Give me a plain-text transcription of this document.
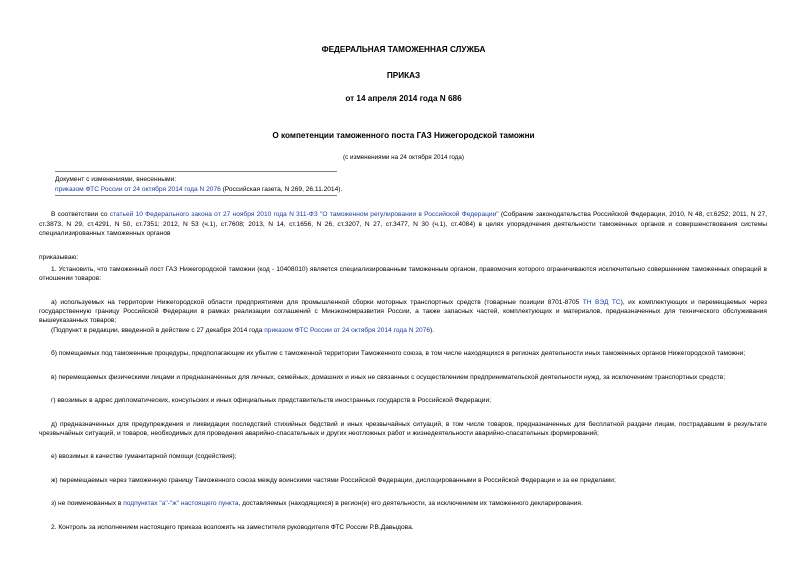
ФЕДЕРАЛЬНАЯ ТАМОЖЕННАЯ СЛУЖБА
ПРИКАЗ
от 14 апреля 2014 года N 686
О компетенции таможенного поста ГАЗ Нижегородской таможни
(с изменениями на 24 октября 2014 года)
Документ с изменениями, внесенными:
приказом ФТС России от 24 октября 2014 года N 2076 (Российская газета, N 269, 26.11.2014).
В соответствии со статьей 10 Федерального закона от 27 ноября 2010 года N 311-ФЗ "О таможенном регулировании в Российской Федерации" (Собрание законодательства Российской Федерации, 2010, N 48, ст.6252; 2011, N 27, ст.3873, N 29, ст.4291, N 50, ст.7351; 2012, N 53 (ч.1), ст.7608; 2013, N 14, ст.1656, N 26, ст.3207, N 27, ст.3477, N 30 (ч.1), ст.4084) в целях упорядочения деятельности таможенных органов и совершенствования системы специализированных таможенных органов
приказываю:
1. Установить, что таможенный пост ГАЗ Нижегородской таможни (код - 10408010) является специализированным таможенным органом, правомочия которого ограничиваются исключительно совершением таможенных операций в отношении товаров:
а) используемых на территории Нижегородской области предприятиями для промышленной сборки моторных транспортных средств (товарные позиции 8701-8705 ТН ВЭД ТС), их комплектующих и перемещаемых через государственную границу Российской Федерации в рамках реализации соглашений с Минэкономразвития России, а также запасных частей, комплектующих и материалов, предназначенных для технического обслуживания вышеуказанных товаров;
(Подпункт в редакции, введенной в действие с 27 декабря 2014 года приказом ФТС России от 24 октября 2014 года N 2076).
б) помещаемых под таможенные процедуры, предполагающие их убытие с таможенной территории Таможенного союза, в том числе находящихся в регионах деятельности иных таможенных органов Нижегородской таможни;
в) перемещаемых физическими лицами и предназначенных для личных, семейных, домашних и иных не связанных с осуществлением предпринимательской деятельности нужд, за исключением транспортных средств;
г) ввозимых в адрес дипломатических, консульских и иных официальных представительств иностранных государств в Российской Федерации;
д) предназначенных для предупреждения и ликвидации последствий стихийных бедствий и иных чрезвычайных ситуаций, в том числе товаров, предназначенных для бесплатной раздачи лицам, пострадавшим в результате чрезвычайных ситуаций, и товаров, необходимых для проведения аварийно-спасательных и других неотложных работ и жизнедеятельности аварийно-спасательных формирований;
е) ввозимых в качестве гуманитарной помощи (содействия);
ж) перемещаемых через таможенную границу Таможенного союза между воинскими частями Российской Федерации, дислоцированными в Российской Федерации и за ее пределами;
з) не поименованных в подпунктах "а"-"ж" настоящего пункта, доставляемых (находящихся) в регион(е) его деятельности, за исключением их таможенного декларирования.
2. Контроль за исполнением настоящего приказа возложить на заместителя руководителя ФТС России Р.В.Давыдова.
